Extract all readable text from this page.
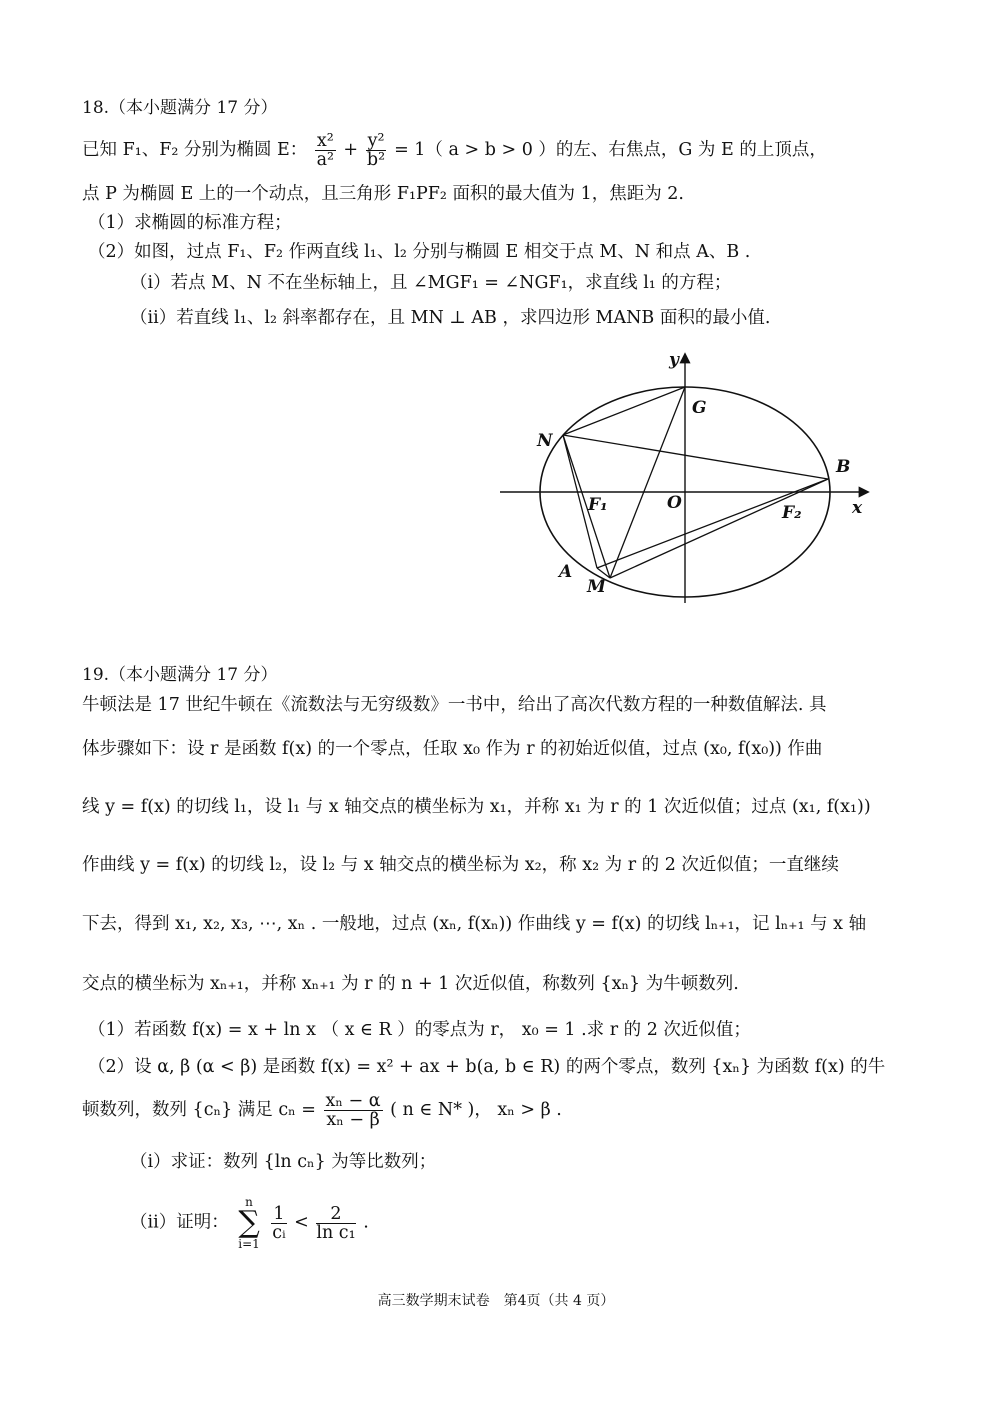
18.（本小题满分 17 分）
已知 F₁、F₂ 分别为椭圆 E： $\frac{\text{x²}}{\text{a²}} + \frac{\text{y²}}{\text{b²}} = 1$（ a > b > 0 ）的左、右焦点，G 为 E 的上顶点，
点 P 为椭圆 E 上的一个动点，且三角形 F₁PF₂ 面积的最大值为 1，焦距为 2.
（1）求椭圆的标准方程；
（2）如图，过点 F₁、F₂ 作两直线 l₁、l₂ 分别与椭圆 E 相交于点 M、N 和点 A、B .
（i）若点 M、N 不在坐标轴上，且 ∠MGF₁ = ∠NGF₁，求直线 l₁ 的方程；
（ii）若直线 l₁、l₂ 斜率都存在，且 MN ⊥ AB ，求四边形 MANB 面积的最小值.
y
x
G
N
B
F₁	O	F₂
A
M
19.（本小题满分 17 分）
牛顿法是 17 世纪牛顿在《流数法与无穷级数》一书中，给出了高次代数方程的一种数值解法. 具
体步骤如下：设 r 是函数 f(x) 的一个零点，任取 x₀ 作为 r 的初始近似值，过点 (x₀, f(x₀)) 作曲
线 y = f(x) 的切线 l₁，设 l₁ 与 x 轴交点的横坐标为 x₁，并称 x₁ 为 r 的 1 次近似值；过点 (x₁, f(x₁))
作曲线 y = f(x) 的切线 l₂，设 l₂ 与 x 轴交点的横坐标为 x₂，称 x₂ 为 r 的 2 次近似值；一直继续
下去，得到 x₁, x₂, x₃, ⋯, xₙ . 一般地，过点 (xₙ, f(xₙ)) 作曲线 y = f(x) 的切线 lₙ₊₁，记 lₙ₊₁ 与 x 轴
交点的横坐标为 xₙ₊₁，并称 xₙ₊₁ 为 r 的 n + 1 次近似值，称数列 {xₙ} 为牛顿数列.
（1）若函数 f(x) = x + ln x （ x ∈ R ）的零点为 r， x₀ = 1 .求 r 的 2 次近似值；
（2）设 α, β (α < β) 是函数 f(x) = x² + ax + b(a, b ∈ R) 的两个零点，数列 {xₙ} 为函数 f(x) 的牛
顿数列，数列 {cₙ} 满足 $c_n = \frac{\text{xₙ − α}}{\text{xₙ − β}}$ ( n ∈ N* )， xₙ > β .
（i）求证：数列 {ln cₙ} 为等比数列；
（ii）证明： n
∑
i=1
$\frac{1}{\text{cᵢ}} < \frac{2}{\text{ln c₁}}$ .
高三数学期末试卷　第4页（共 4 页）
